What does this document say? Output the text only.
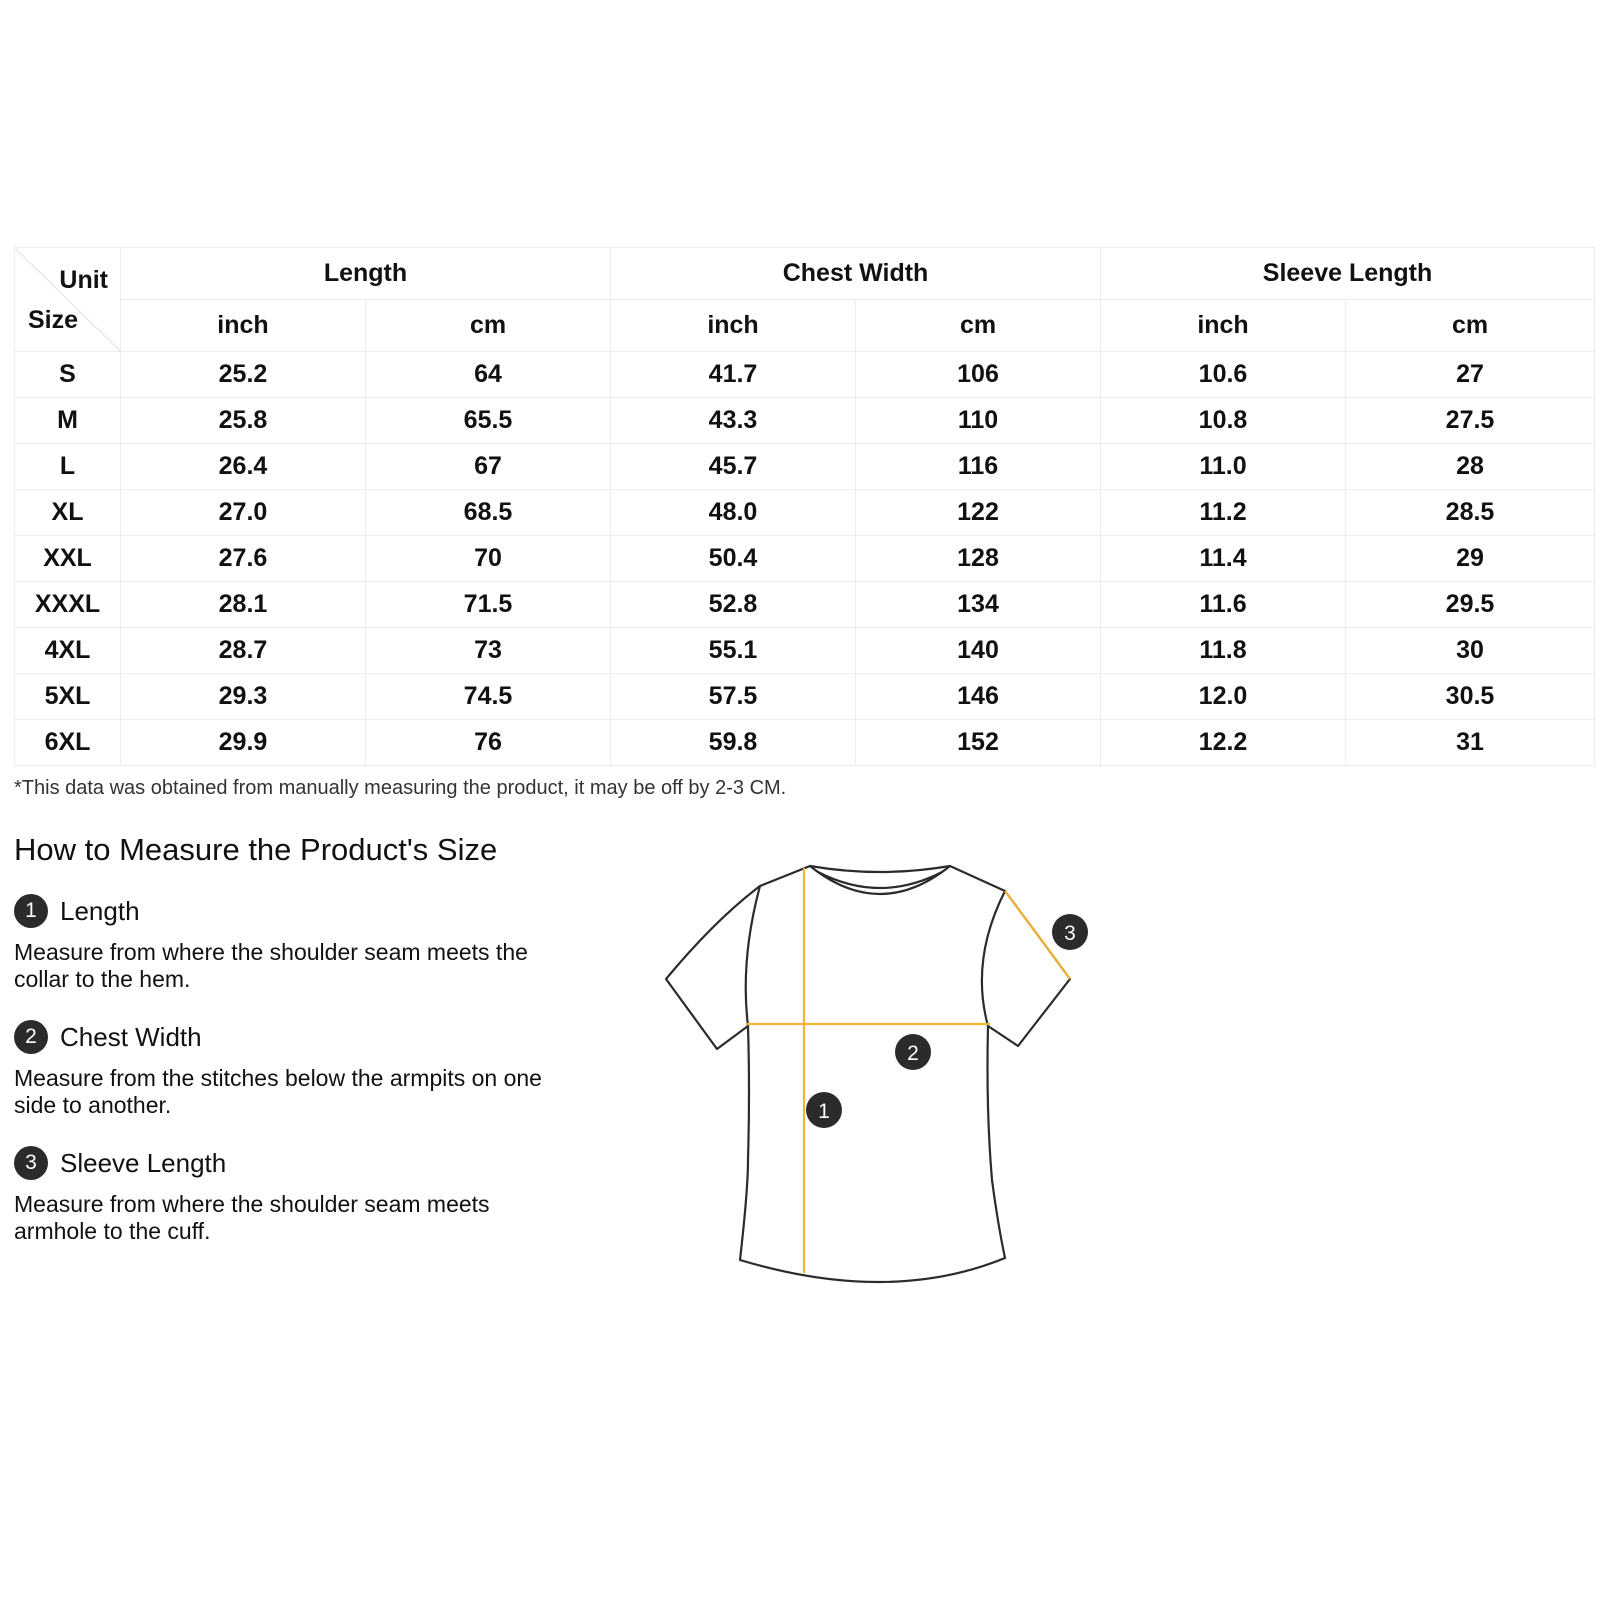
Unit
Size	Length		Chest Width		Sleeve Length	
	inch	cm	inch	cm	inch	cm
S	25.2	64	41.7	106	10.6	27
M	25.8	65.5	43.3	110	10.8	27.5
L	26.4	67	45.7	116	11.0	28
XL	27.0	68.5	48.0	122	11.2	28.5
XXL	27.6	70	50.4	128	11.4	29
XXXL	28.1	71.5	52.8	134	11.6	29.5
4XL	28.7	73	55.1	140	11.8	30
5XL	29.3	74.5	57.5	146	12.0	30.5
6XL	29.9	76	59.8	152	12.2	31
*This data was obtained from manually measuring the product, it may be off by 2-3 CM.
How to Measure the Product's Size
1 Length
Measure from where the shoulder seam meets the collar to the hem.
2 Chest Width
Measure from the stitches below the armpits on one side to another.
3 Sleeve Length
Measure from where the shoulder seam meets armhole to the cuff.
1
2
3
